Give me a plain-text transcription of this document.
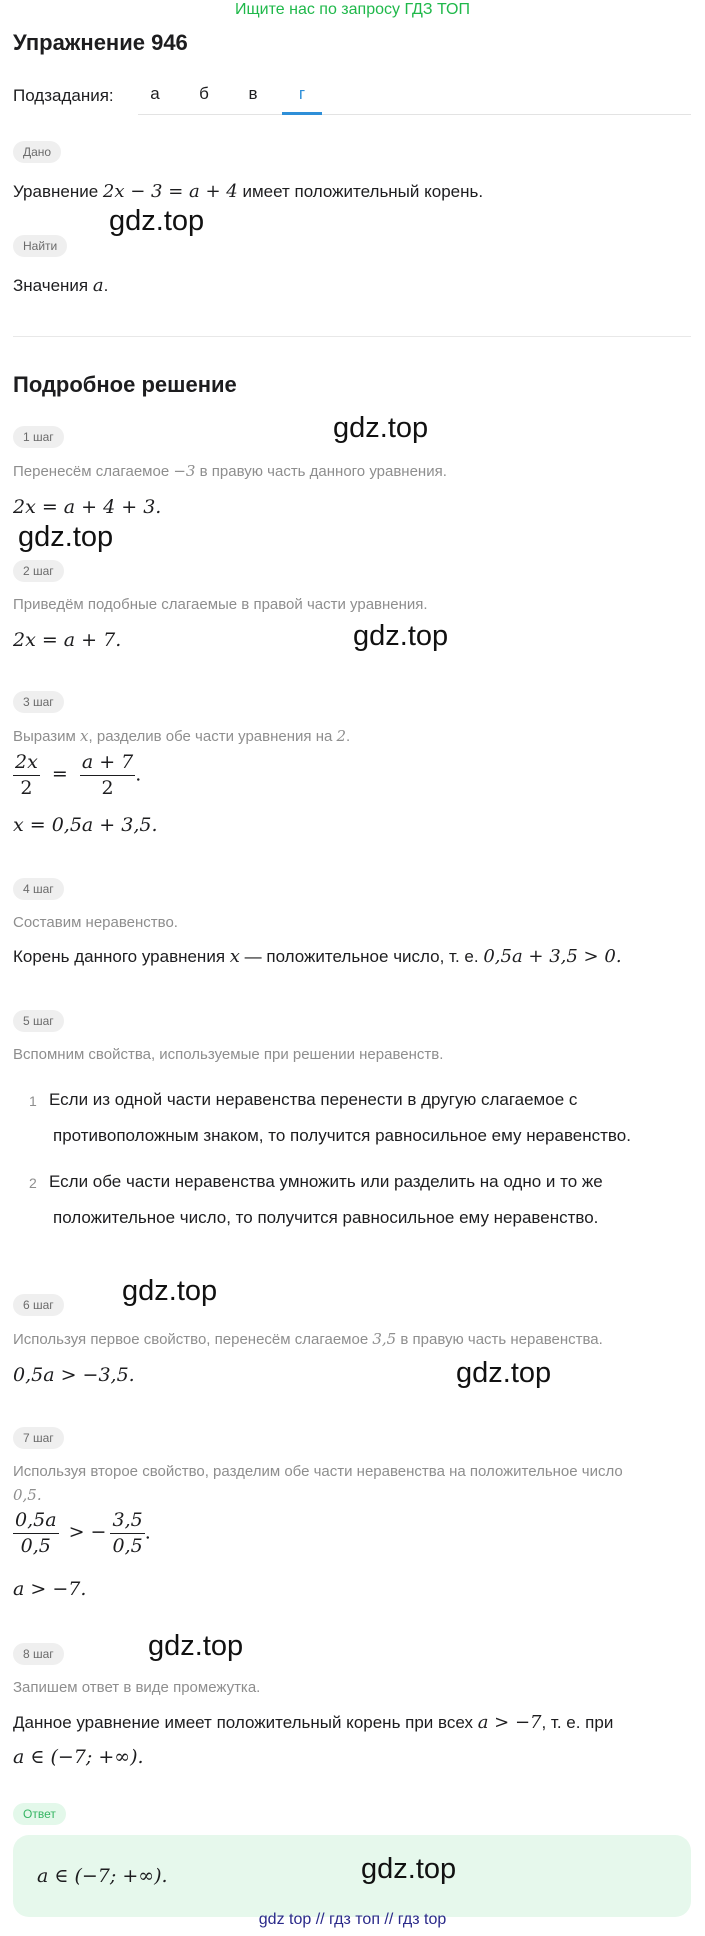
Ищите нас по запросу ГДЗ ТОП
Упражнение 946
Подзадания:	а	б	в	г
Дано
Уравнение 2x − 3 = a + 4 имеет положительный корень.
Найти
Значения a.
Подробное решение
1 шаг
Перенесём слагаемое −3 в правую часть данного уравнения.
2x = a + 4 + 3.
2 шаг
Приведём подобные слагаемые в правой части уравнения.
2x = a + 7.
3 шаг
Выразим x, разделив обе части уравнения на 2.
$\frac{2x}{2} = \frac{a + 7}{2}$ .
x = 0,5a + 3,5.
4 шаг
Составим неравенство.
Корень данного уравнения x — положительное число, т. е. 0,5a + 3,5 > 0.
5 шаг
Вспомним свойства, используемые при решении неравенств.
1 Если из одной части неравенства перенести в другую слагаемое с
противоположным знаком, то получится равносильное ему неравенство.
2 Если обе части неравенства умножить или разделить на одно и то же
положительное число, то получится равносильное ему неравенство.
6 шаг
Используя первое свойство, перенесём слагаемое 3,5 в правую часть неравенства.
0,5a > −3,5.
7 шаг
Используя второе свойство, разделим обе части неравенства на положительное число
0,5.
$\frac{0,5a}{0,5}$ > − $\frac{3,5}{0,5}$ .
a > −7.
8 шаг
Запишем ответ в виде промежутка.
Данное уравнение имеет положительный корень при всех a > −7, т. е. при
a ∈ (−7; +∞).
Ответ
a ∈ (−7; +∞).
gdz.top
gdz.top
gdz.top
gdz.top
gdz.top
gdz.top
gdz.top
gdz.top
gdz top // гдз топ // гдз top
